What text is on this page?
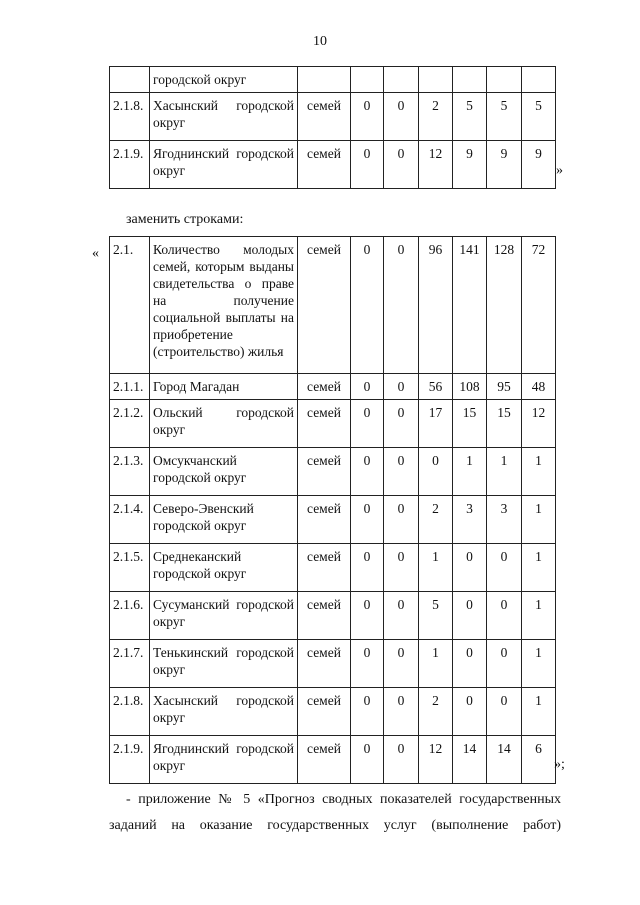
10
	городской округ							
2.1.8.	Хасынский городской округ	семей	0	0	2	5	5	5
2.1.9.	Ягоднинский городской округ	семей	0	0	12	9	9	9
»
заменить строками:
« 2.1.	Количество молодых семей, которым выданы свидетельства о праве на получение социальной выплаты на приобретение (строительство) жилья	семей	0	0	96	141	128	72
2.1.1.	Город Магадан	семей	0	0	56	108	95	48
2.1.2.	Ольский городской округ	семей	0	0	17	15	15	12
2.1.3.	Омсукчанский городской округ	семей	0	0	0	1	1	1
2.1.4.	Северо-Эвенский городской округ	семей	0	0	2	3	3	1
2.1.5.	Среднеканский городской округ	семей	0	0	1	0	0	1
2.1.6.	Сусуманский городской округ	семей	0	0	5	0	0	1
2.1.7.	Тенькинский городской округ	семей	0	0	1	0	0	1
2.1.8.	Хасынский городской округ	семей	0	0	2	0	0	1
2.1.9.	Ягоднинский городской округ	семей	0	0	12	14	14	6
»;
- приложение № 5 «Прогноз сводных показателей государственных
заданий на оказание государственных услуг (выполнение работ)
